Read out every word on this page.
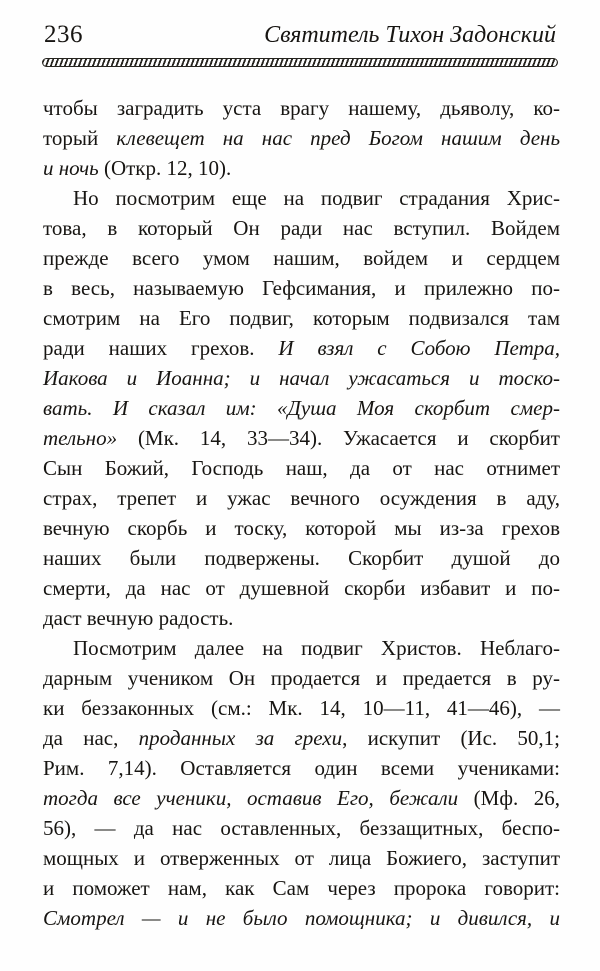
236	Святитель Тихон Задонский
чтобы заградить уста врагу нашему, дьяволу, ко-
торый клевещет на нас пред Богом нашим день
и ночь (Откр. 12, 10).
Но посмотрим еще на подвиг страдания Хрис-
това, в который Он ради нас вступил. Войдем
прежде всего умом нашим, войдем и сердцем
в весь, называемую Гефсимания, и прилежно по-
смотрим на Его подвиг, которым подвизался там
ради наших грехов. И взял с Собою Петра,
Иакова и Иоанна; и начал ужасаться и тоско-
вать. И сказал им: «Душа Моя скорбит смер-
тельно» (Мк. 14, 33—34). Ужасается и скорбит
Сын Божий, Господь наш, да от нас отнимет
страх, трепет и ужас вечного осуждения в аду,
вечную скорбь и тоску, которой мы из-за грехов
наших были подвержены. Скорбит душой до
смерти, да нас от душевной скорби избавит и по-
даст вечную радость.
Посмотрим далее на подвиг Христов. Неблаго-
дарным учеником Он продается и предается в ру-
ки беззаконных (см.: Мк. 14, 10—11, 41—46), —
да нас, проданных за грехи, искупит (Ис. 50,1;
Рим. 7,14). Оставляется один всеми учениками:
тогда все ученики, оставив Его, бежали (Мф. 26,
56), — да нас оставленных, беззащитных, беспо-
мощных и отверженных от лица Божиего, заступит
и поможет нам, как Сам через пророка говорит:
Смотрел — и не было помощника; и дивился, и
